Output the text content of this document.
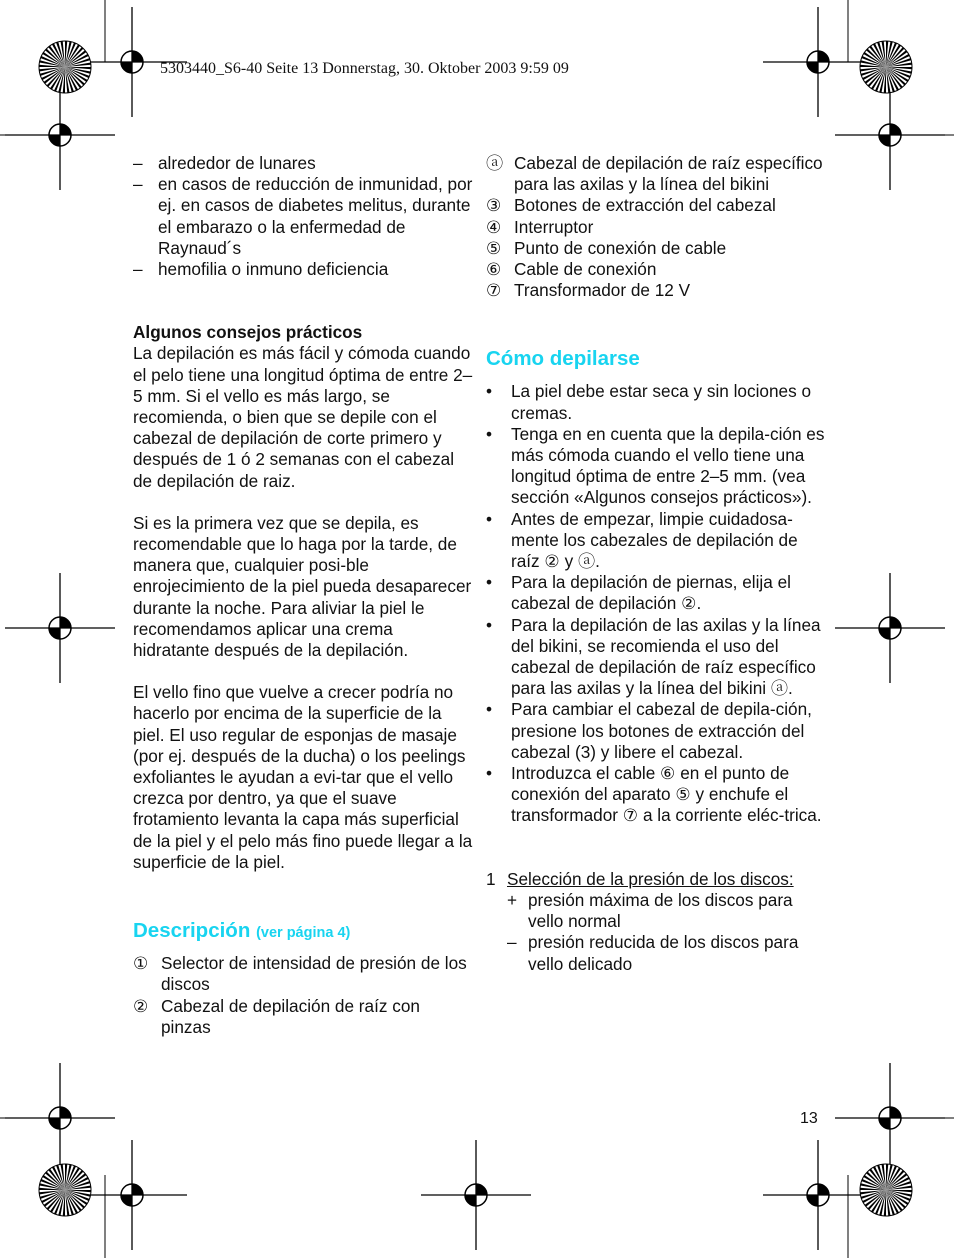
5303440_S6-40 Seite 13 Donnerstag, 30. Oktober 2003 9:59 09
– alrededor de lunares
– en casos de reducción de inmunidad, por ej. en casos de diabetes melitus, durante el embarazo o la enfermedad de Raynaud´s
– hemofilia o inmuno deficiencia
Algunos consejos prácticos

La depilación es más fácil y cómoda cuando el pelo tiene una longitud óptima de entre 2–5 mm. Si el vello es más largo, se recomienda, o bien que se depile con el cabezal de depilación de corte primero y después de 1 ó 2 semanas con el cabezal de depilación de raiz.

Si es la primera vez que se depila, es recomendable que lo haga por la tarde, de manera que, cualquier posi-ble enrojecimiento de la piel pueda desaparecer durante la noche. Para aliviar la piel le recomendamos aplicar una crema hidratante después de la depilación.

El vello fino que vuelve a crecer podría no hacerlo por encima de la superficie de la piel. El uso regular de esponjas de masaje (por ej. después de la ducha) o los peelings exfoliantes le ayudan a evi-tar que el vello crezca por dentro, ya que el suave frotamiento levanta la capa más superficial de la piel y el pelo más fino puede llegar a la superficie de la piel.

Descripción (ver página 4)
① Selector de intensidad de presión de los discos
② Cabezal de depilación de raíz con pinzas
ⓐ Cabezal de depilación de raíz específico para las axilas y la línea del bikini
③ Botones de extracción del cabezal
④ Interruptor
⑤ Punto de conexión de cable
⑥ Cable de conexión
⑦ Transformador de 12 V
Cómo depilarse
•	La piel debe estar seca y sin lociones o cremas.
•	Tenga en en cuenta que la depila-ción es más cómoda cuando el vello tiene una longitud óptima de entre 2–5 mm. (vea sección «Algunos consejos prácticos»).
•	Antes de empezar, limpie cuidadosa-mente los cabezales de depilación de raíz ② y ⓐ.
•	Para la depilación de piernas, elija el cabezal de depilación ②.
•	Para la depilación de las axilas y la línea del bikini, se recomienda el uso del cabezal de depilación de raíz específico para las axilas y la línea del bikini ⓐ.
•	Para cambiar el cabezal de depila-ción, presione los botones de extracción del cabezal (3) y libere el cabezal.
•	Introduzca el cable ⑥ en el punto de conexión del aparato ⑤ y enchufe el transformador ⑦ a la corriente eléc-trica.
1 Selección de la presión de los discos:
+ presión máxima de los discos para vello normal
– presión reducida de los discos para vello delicado
13
